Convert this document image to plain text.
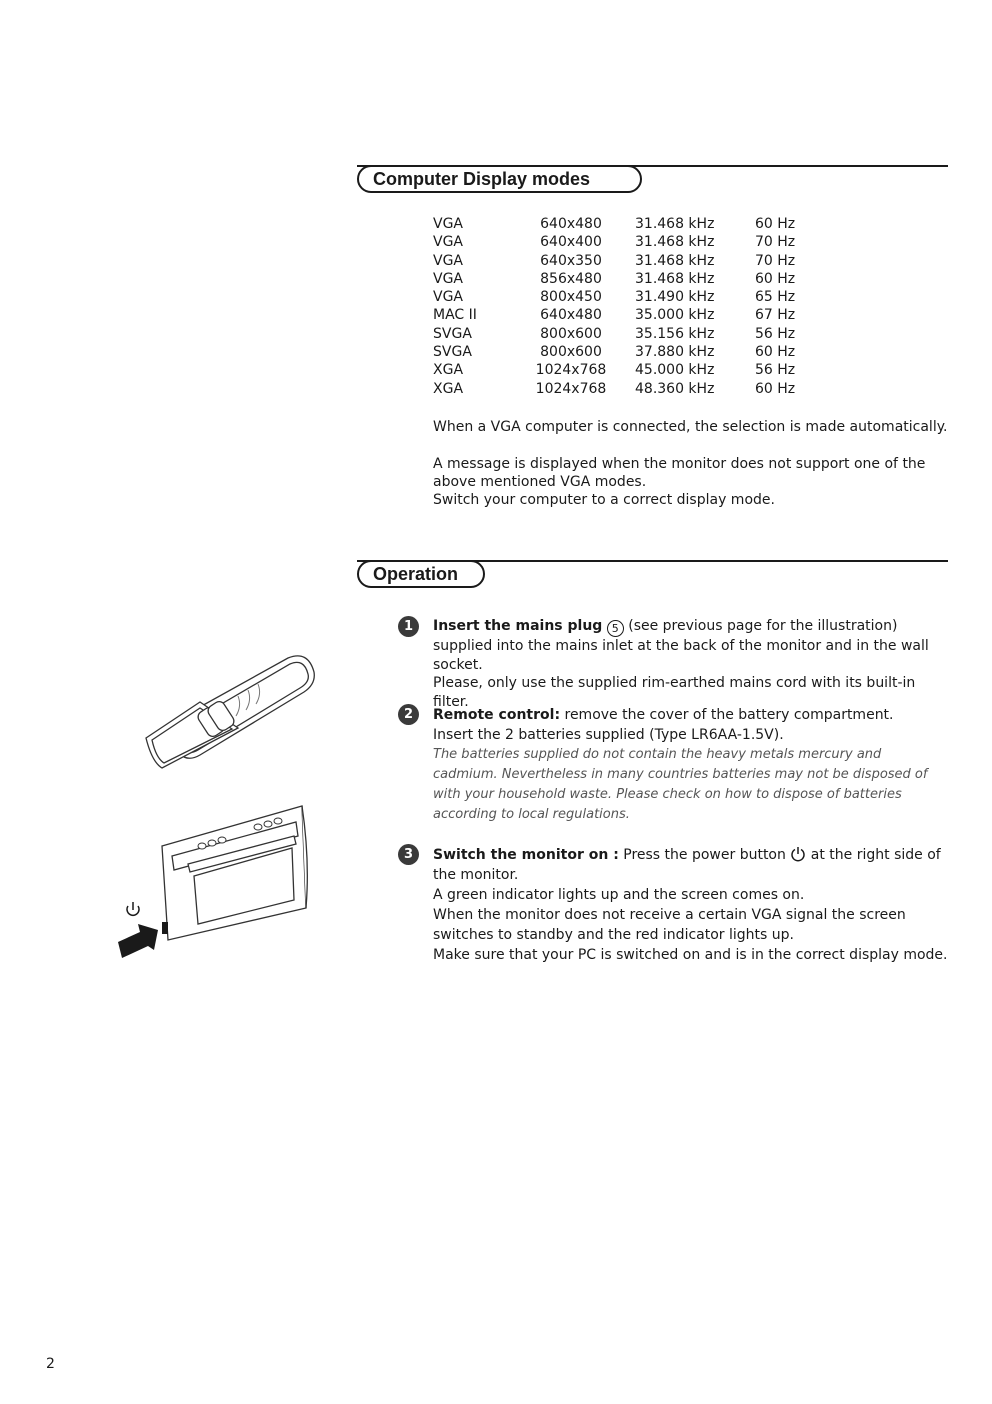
Computer Display modes
VGA	640x480	31.468 kHz	60 Hz
VGA	640x400	31.468 kHz	70 Hz
VGA	640x350	31.468 kHz	70 Hz
VGA	856x480	31.468 kHz	60 Hz
VGA	800x450	31.490 kHz	65 Hz
MAC II	640x480	35.000 kHz	67 Hz
SVGA	800x600	35.156 kHz	56 Hz
SVGA	800x600	37.880 kHz	60 Hz
XGA	1024x768	45.000 kHz	56 Hz
XGA	1024x768	48.360 kHz	60 Hz
When a VGA computer is connected, the selection is made automatically.
A message is displayed when the monitor does not support one of the above mentioned VGA modes.
Switch your computer to a correct display mode.
Operation
1	Insert the mains plug 5 (see previous page for the illustration) supplied into the mains inlet at the back of the monitor and in the wall socket.
Please, only use the supplied rim-earthed mains cord with its built-in filter.
2	Remote control: remove the cover of the battery compartment.
Insert the 2 batteries supplied (Type LR6AA-1.5V).
The batteries supplied do not contain the heavy metals mercury and cadmium. Nevertheless in many countries batteries may not be disposed of with your household waste. Please check on how to dispose of batteries according to local regulations.
3	Switch the monitor on : Press the power button at the right side of the monitor.
A green indicator lights up and the screen comes on.
When the monitor does not receive a certain VGA signal the screen switches to standby and the red indicator lights up.
Make sure that your PC is switched on and is in the correct display mode.
2
